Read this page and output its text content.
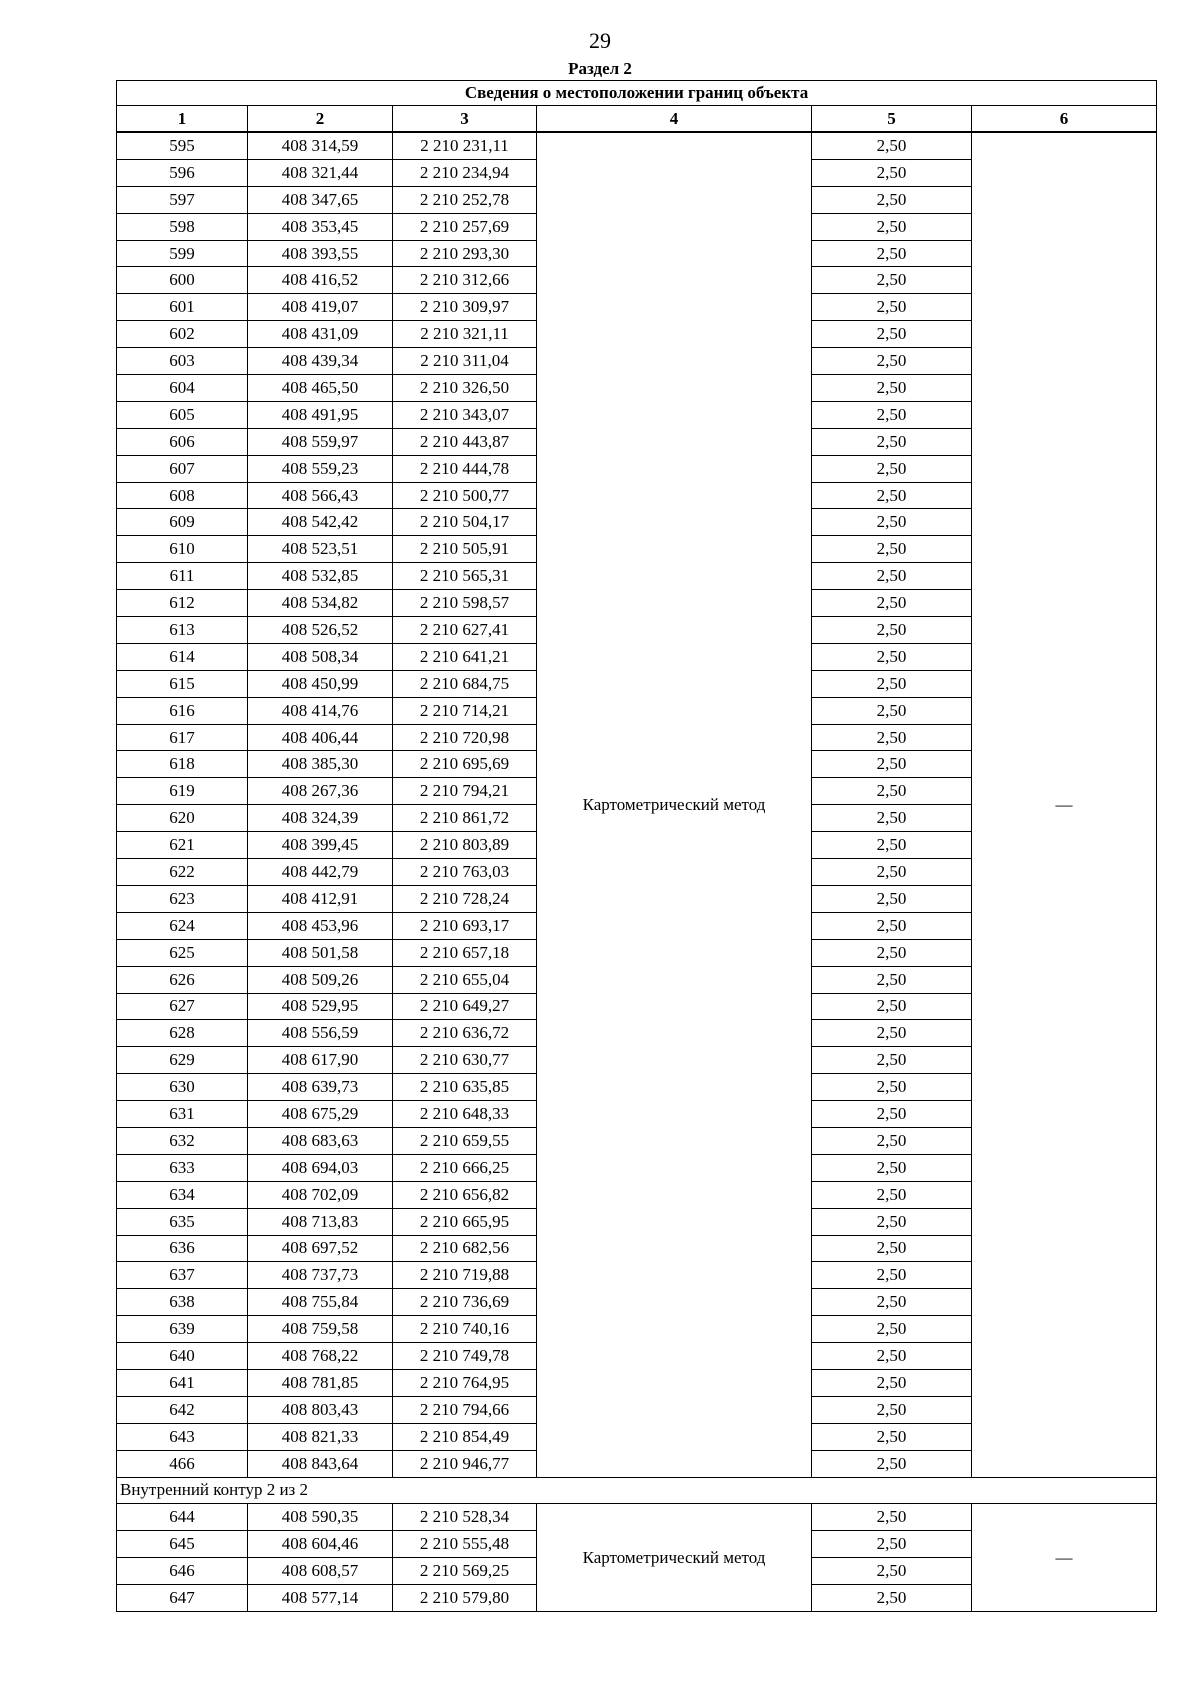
29
Раздел 2
Сведения о местоположении границ объекта					
1	2	3	4	5	6
595	408 314,59	2 210 231,11	Картометрический метод	2,50	—
596	408 321,44	2 210 234,94		2,50	
597	408 347,65	2 210 252,78		2,50	
598	408 353,45	2 210 257,69		2,50	
599	408 393,55	2 210 293,30		2,50	
600	408 416,52	2 210 312,66		2,50	
601	408 419,07	2 210 309,97		2,50	
602	408 431,09	2 210 321,11		2,50	
603	408 439,34	2 210 311,04		2,50	
604	408 465,50	2 210 326,50		2,50	
605	408 491,95	2 210 343,07		2,50	
606	408 559,97	2 210 443,87		2,50	
607	408 559,23	2 210 444,78		2,50	
608	408 566,43	2 210 500,77		2,50	
609	408 542,42	2 210 504,17		2,50	
610	408 523,51	2 210 505,91		2,50	
611	408 532,85	2 210 565,31		2,50	
612	408 534,82	2 210 598,57		2,50	
613	408 526,52	2 210 627,41		2,50	
614	408 508,34	2 210 641,21		2,50	
615	408 450,99	2 210 684,75		2,50	
616	408 414,76	2 210 714,21		2,50	
617	408 406,44	2 210 720,98		2,50	
618	408 385,30	2 210 695,69		2,50	
619	408 267,36	2 210 794,21		2,50	
620	408 324,39	2 210 861,72		2,50	
621	408 399,45	2 210 803,89		2,50	
622	408 442,79	2 210 763,03		2,50	
623	408 412,91	2 210 728,24		2,50	
624	408 453,96	2 210 693,17		2,50	
625	408 501,58	2 210 657,18		2,50	
626	408 509,26	2 210 655,04		2,50	
627	408 529,95	2 210 649,27		2,50	
628	408 556,59	2 210 636,72		2,50	
629	408 617,90	2 210 630,77		2,50	
630	408 639,73	2 210 635,85		2,50	
631	408 675,29	2 210 648,33		2,50	
632	408 683,63	2 210 659,55		2,50	
633	408 694,03	2 210 666,25		2,50	
634	408 702,09	2 210 656,82		2,50	
635	408 713,83	2 210 665,95		2,50	
636	408 697,52	2 210 682,56		2,50	
637	408 737,73	2 210 719,88		2,50	
638	408 755,84	2 210 736,69		2,50	
639	408 759,58	2 210 740,16		2,50	
640	408 768,22	2 210 749,78		2,50	
641	408 781,85	2 210 764,95		2,50	
642	408 803,43	2 210 794,66		2,50	
643	408 821,33	2 210 854,49		2,50	
466	408 843,64	2 210 946,77		2,50	
Внутренний контур 2 из 2					
644	408 590,35	2 210 528,34	Картометрический метод	2,50	—
645	408 604,46	2 210 555,48		2,50	
646	408 608,57	2 210 569,25		2,50	
647	408 577,14	2 210 579,80		2,50	
